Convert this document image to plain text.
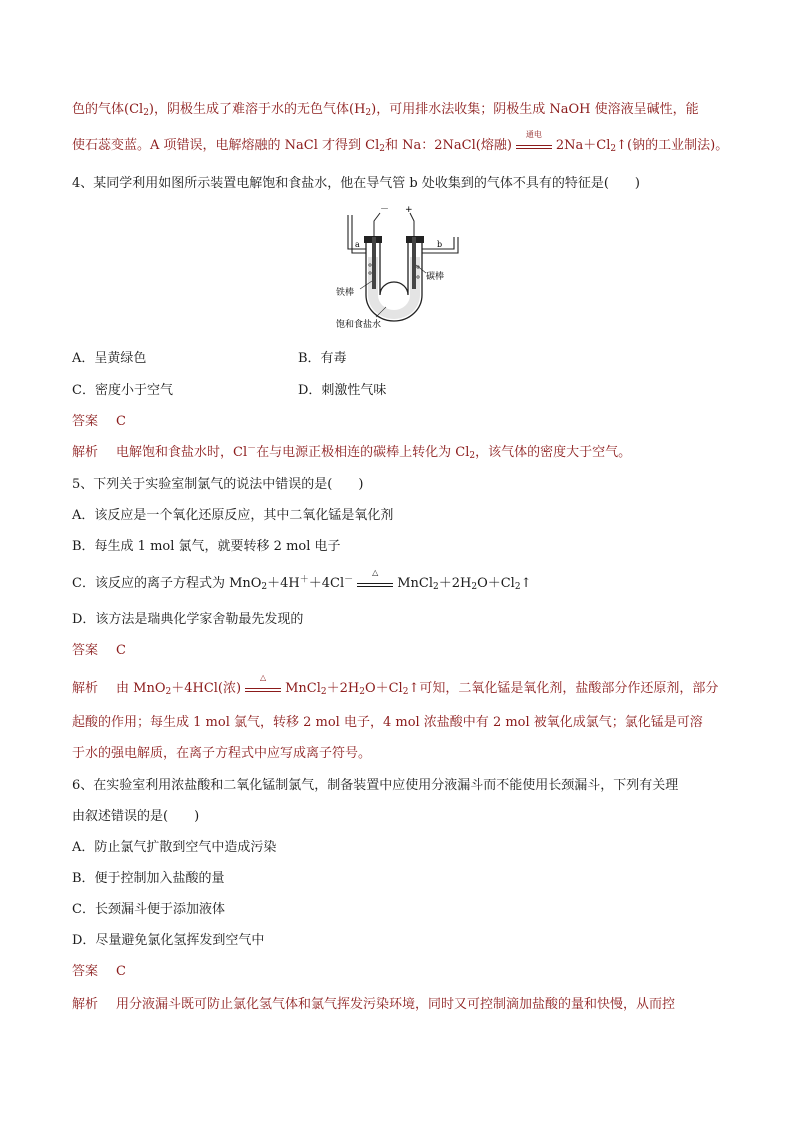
色的气体$(Cl_2)$，阴极生成了难溶于水的无色气体$(H_2)$，可用排水法收集；阴极生成 NaOH 使溶液呈碱性，能
使石蕊变蓝。A 项错误，电解熔融的 NaCl 才得到 $Cl_2$和 Na：2NaCl(熔融)
通电
$2Na+Cl_2↑$(钠的工业制法)。
4、某同学利用如图所示装置电解饱和食盐水，他在导气管 b 处收集到的气体不具有的特征是(　　)
－ +
a	b
铁棒
碳棒
饱和食盐水
A．呈黄绿色	B．有毒
C．密度小于空气	D．刺激性气味
答案 C
解析 电解饱和食盐水时，Cl－在与电源正极相连的碳棒上转化为 $Cl_2$，该气体的密度大于空气。
5、下列关于实验室制氯气的说法中错误的是(　　)
A．该反应是一个氧化还原反应，其中二氧化锰是氧化剂
B．每生成 1 mol 氯气，就要转移 2 mol 电子
C．该反应的离子方程式为 MnO$_2$＋4H＋＋4Cl－
△
$MnCl_2+2H_2O+Cl_2↑$
D．该方法是瑞典化学家舍勒最先发现的
答案 C
解析 由 MnO$_2$＋4HCl(浓)
△
$MnCl_2+2H_2O+Cl_2↑$可知，二氧化锰是氧化剂，盐酸部分作还原剂，部分
起酸的作用；每生成 1 mol 氯气，转移 2 mol 电子，4 mol 浓盐酸中有 2 mol 被氧化成氯气；氯化锰是可溶
于水的强电解质，在离子方程式中应写成离子符号。
6、在实验室利用浓盐酸和二氧化锰制氯气，制备装置中应使用分液漏斗而不能使用长颈漏斗，下列有关理
由叙述错误的是(　　)
A．防止氯气扩散到空气中造成污染
B．便于控制加入盐酸的量
C．长颈漏斗便于添加液体
D．尽量避免氯化氢挥发到空气中
答案 C
解析 用分液漏斗既可防止氯化氢气体和氯气挥发污染环境，同时又可控制滴加盐酸的量和快慢，从而控
